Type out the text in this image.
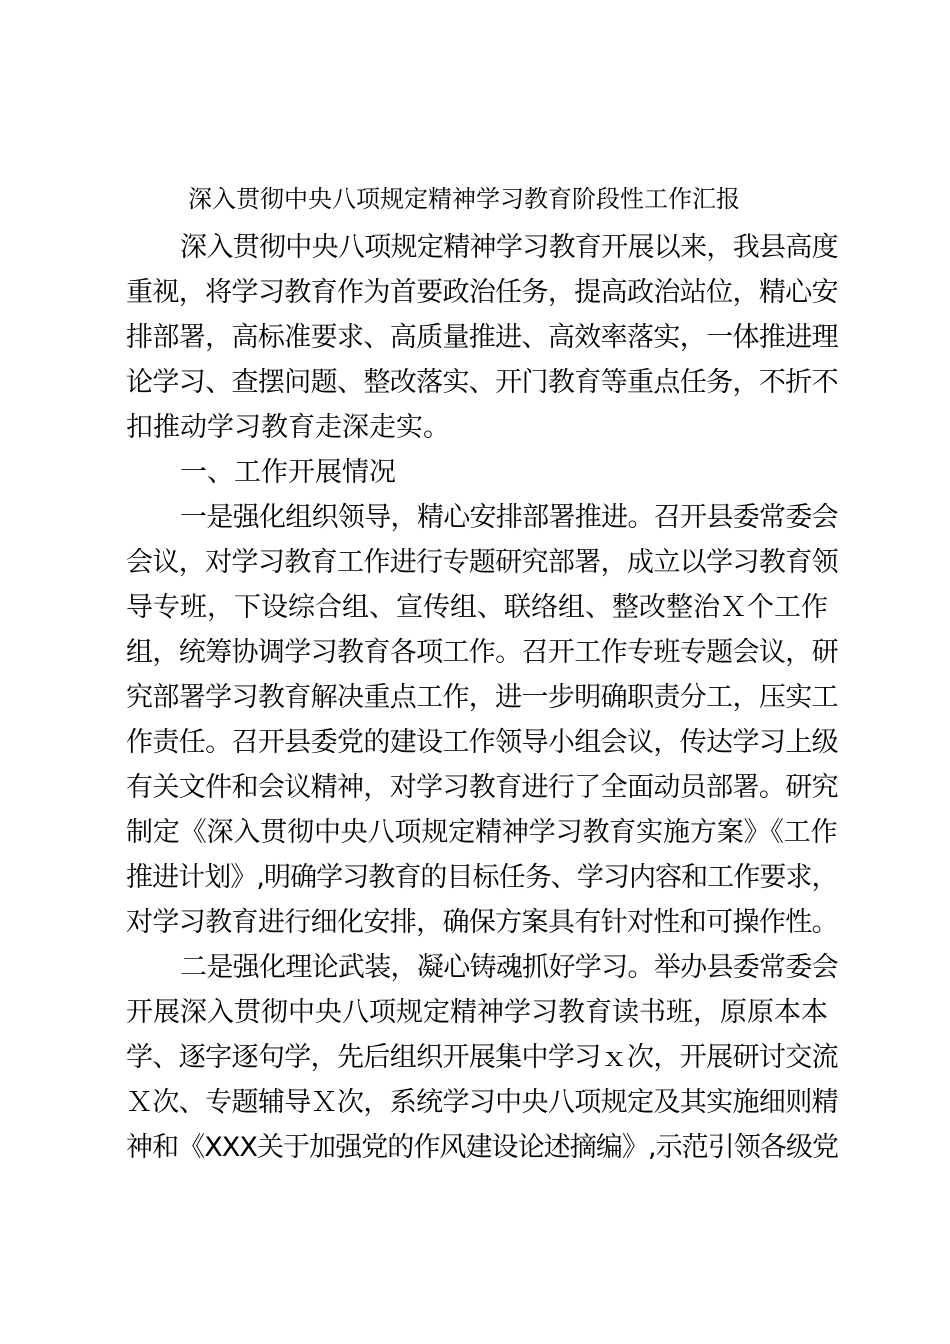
深入贯彻中央八项规定精神学习教育阶段性工作汇报

深入贯彻中央八项规定精神学习教育开展以来，我县高度

重视，将学习教育作为首要政治任务，提高政治站位，精心安

排部署，高标准要求、高质量推进、高效率落实，一体推进理

论学习、查摆问题、整改落实、开门教育等重点任务，不折不

扣推动学习教育走深走实。

一、工作开展情况

一是强化组织领导，精心安排部署推进。召开县委常委会

会议，对学习教育工作进行专题研究部署，成立以学习教育领

导专班，下设综合组、宣传组、联络组、整改整治Ｘ个工作

组，统筹协调学习教育各项工作。召开工作专班专题会议，研

究部署学习教育解决重点工作，进一步明确职责分工，压实工

作责任。召开县委党的建设工作领导小组会议，传达学习上级

有关文件和会议精神，对学习教育进行了全面动员部署。研究

制定《深入贯彻中央八项规定精神学习教育实施方案》《工作

推进计划》,明确学习教育的目标任务、学习内容和工作要求，

对学习教育进行细化安排，确保方案具有针对性和可操作性。

二是强化理论武装，凝心铸魂抓好学习。举办县委常委会

开展深入贯彻中央八项规定精神学习教育读书班，原原本本

学、逐字逐句学，先后组织开展集中学习ｘ次，开展研讨交流

Ｘ次、专题辅导Ｘ次，系统学习中央八项规定及其实施细则精

神和《XXX关于加强党的作风建设论述摘编》,示范引领各级党
